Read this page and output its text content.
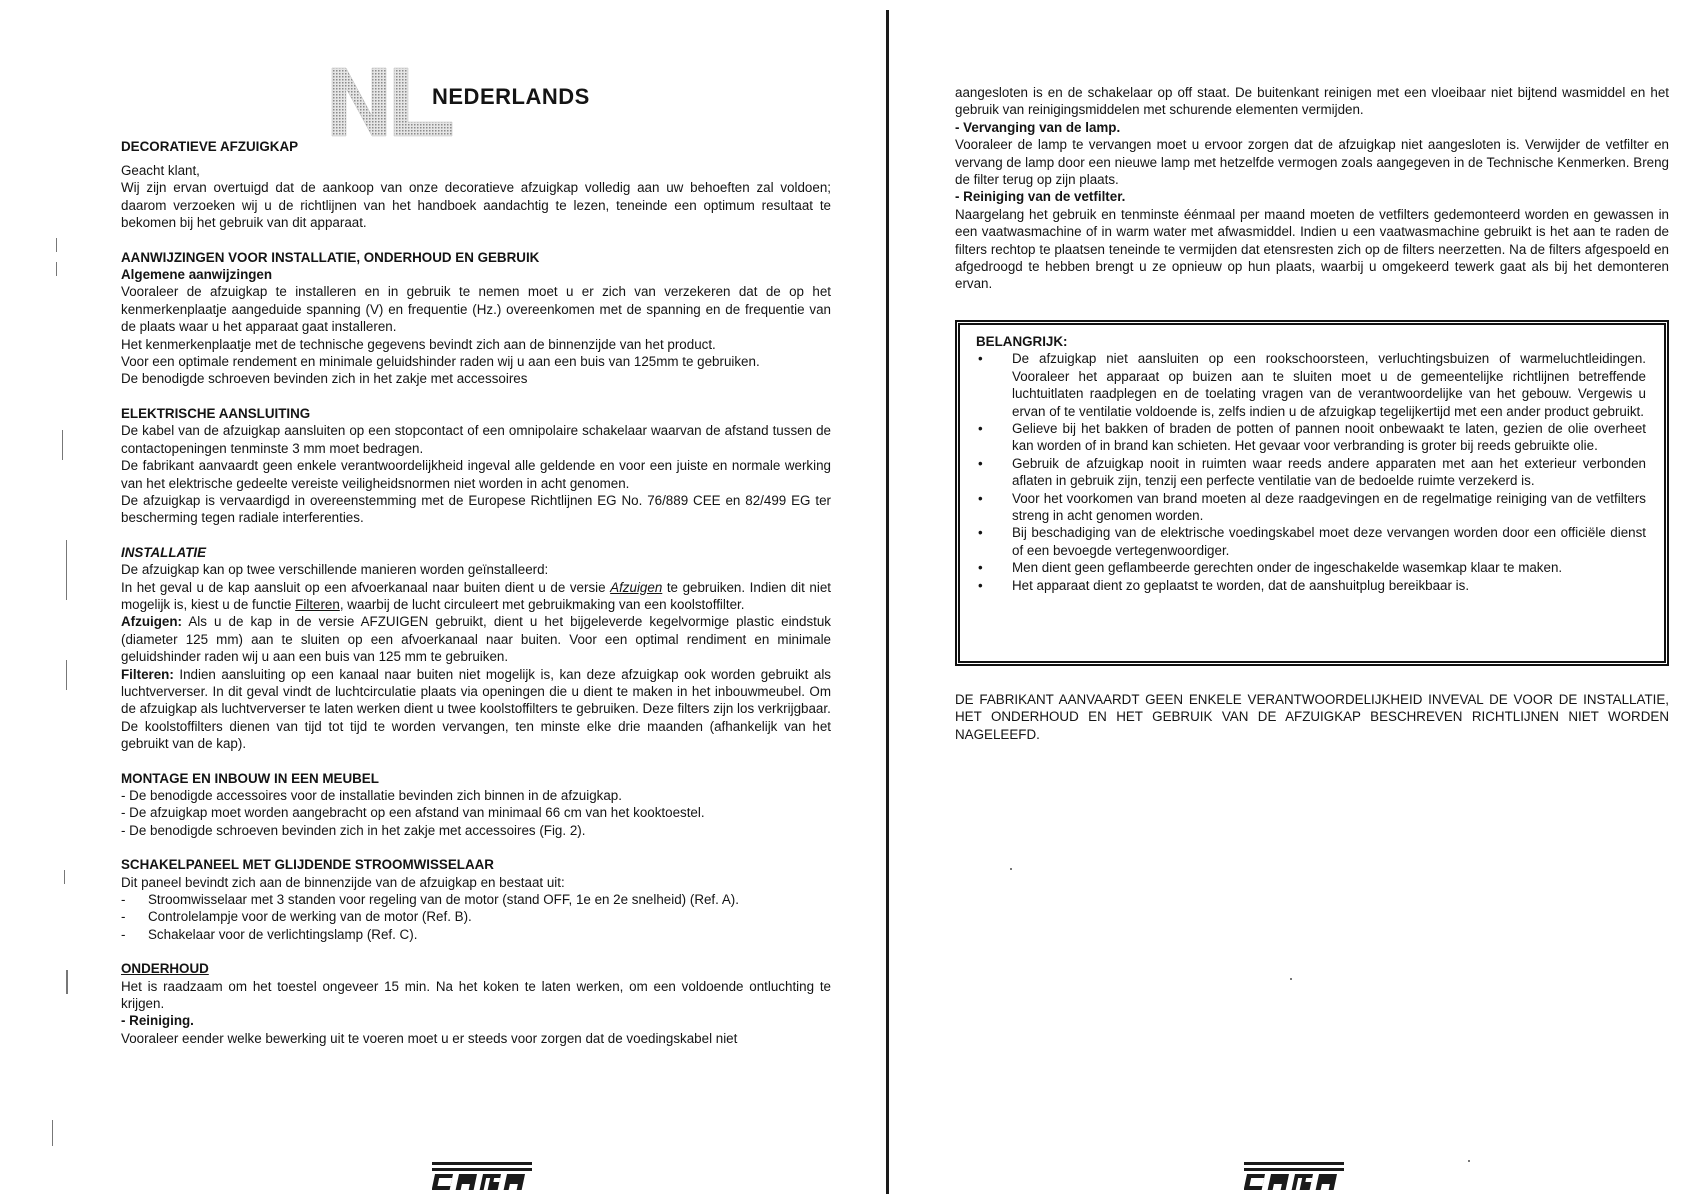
NEDERLANDS
DECORATIEVE AFZUIGKAP

Geacht klant,

Wij zijn ervan overtuigd dat de aankoop van onze decoratieve afzuigkap volledig aan uw behoeften zal voldoen; daarom verzoeken wij u de richtlijnen van het handboek aandachtig te lezen, teneinde een optimum resultaat te bekomen bij het gebruik van dit apparaat.

AANWIJZINGEN VOOR INSTALLATIE, ONDERHOUD EN GEBRUIK

Algemene aanwijzingen

Vooraleer de afzuigkap te installeren en in gebruik te nemen moet u er zich van verzekeren dat de op het kenmerkenplaatje aangeduide spanning (V) en frequentie (Hz.) overeenkomen met de spanning en de frequentie van de plaats waar u het apparaat gaat installeren.

Het kenmerkenplaatje met de technische gegevens bevindt zich aan de binnenzijde van het product.

Voor een optimale rendement en minimale geluidshinder raden wij u aan een buis van 125mm te gebruiken.

De benodigde schroeven bevinden zich in het zakje met accessoires

ELEKTRISCHE AANSLUITING

De kabel van de afzuigkap aansluiten op een stopcontact of een omnipolaire schakelaar waarvan de afstand tussen de contactopeningen tenminste 3 mm moet bedragen.

De fabrikant aanvaardt geen enkele verantwoordelijkheid ingeval alle geldende en voor een juiste en normale werking van het elektrische gedeelte vereiste veiligheidsnormen niet worden in acht genomen.

De afzuigkap is vervaardigd in overeenstemming met de Europese Richtlijnen EG No. 76/889 CEE en 82/499 EG ter bescherming tegen radiale interferenties.

INSTALLATIE

De afzuigkap kan op twee verschillende manieren worden geïnstalleerd:

In het geval u de kap aansluit op een afvoerkanaal naar buiten dient u de versie Afzuigen te gebruiken. Indien dit niet mogelijk is, kiest u de functie Filteren, waarbij de lucht circuleert met gebruikmaking van een koolstoffilter.

Afzuigen: Als u de kap in de versie AFZUIGEN gebruikt, dient u het bijgeleverde kegelvormige plastic eindstuk (diameter 125 mm) aan te sluiten op een afvoerkanaal naar buiten. Voor een optimal rendiment en minimale geluidshinder raden wij u aan een buis van 125 mm te gebruiken.

Filteren: Indien aansluiting op een kanaal naar buiten niet mogelijk is, kan deze afzuigkap ook worden gebruikt als luchtververser. In dit geval vindt de luchtcirculatie plaats via openingen die u dient te maken in het inbouwmeubel. Om de afzuigkap als luchtververser te laten werken dient u twee koolstoffilters te gebruiken. Deze filters zijn los verkrijgbaar.

De koolstoffilters dienen van tijd tot tijd te worden vervangen, ten minste elke drie maanden (afhankelijk van het gebruikt van de kap).

MONTAGE EN INBOUW IN EEN MEUBEL

- De benodigde accessoires voor de installatie bevinden zich binnen in de afzuigkap.

- De afzuigkap moet worden aangebracht op een afstand van minimaal 66 cm van het kooktoestel.

- De benodigde schroeven bevinden zich in het zakje met accessoires (Fig. 2).

SCHAKELPANEEL MET GLIJDENDE STROOMWISSELAAR

Dit paneel bevindt zich aan de binnenzijde van de afzuigkap en bestaat uit:

- Stroomwisselaar met 3 standen voor regeling van de motor (stand OFF, 1e en 2e snelheid) (Ref. A).
- Controlelampje voor de werking van de motor (Ref. B).
- Schakelaar voor de verlichtingslamp (Ref. C).

ONDERHOUD

Het is raadzaam om het toestel ongeveer 15 min. Na het koken te laten werken, om een voldoende ontluchting te krijgen.

- Reiniging.

Vooraleer eender welke bewerking uit te voeren moet u er steeds voor zorgen dat de voedingskabel niet

aangesloten is en de schakelaar op off staat. De buitenkant reinigen met een vloeibaar niet bijtend wasmiddel en het gebruik van reinigingsmiddelen met schurende elementen vermijden.

- Vervanging van de lamp.

Vooraleer de lamp te vervangen moet u ervoor zorgen dat de afzuigkap niet aangesloten is. Verwijder de vetfilter en vervang de lamp door een nieuwe lamp met hetzelfde vermogen zoals aangegeven in de Technische Kenmerken. Breng de filter terug op zijn plaats.

- Reiniging van de vetfilter.

Naargelang het gebruik en tenminste éénmaal per maand moeten de vetfilters gedemonteerd worden en gewassen in een vaatwasmachine of in warm water met afwasmiddel. Indien u een vaatwasmachine gebruikt is het aan te raden de filters rechtop te plaatsen teneinde te vermijden dat etensresten zich op de filters neerzetten. Na de filters afgespoeld en afgedroogd te hebben brengt u ze opnieuw op hun plaats, waarbij u omgekeerd tewerk gaat als bij het demonteren ervan.

BELANGRIJK:

• De afzuigkap niet aansluiten op een rookschoorsteen, verluchtingsbuizen of warmeluchtleidingen. Vooraleer het apparaat op buizen aan te sluiten moet u de gemeentelijke richtlijnen betreffende luchtuitlaten raadplegen en de toelating vragen van de verantwoordelijke van het gebouw. Vergewis u ervan of te ventilatie voldoende is, zelfs indien u de afzuigkap tegelijkertijd met een ander product gebruikt.
• Gelieve bij het bakken of braden de potten of pannen nooit onbewaakt te laten, gezien de olie overheet kan worden of in brand kan schieten. Het gevaar voor verbranding is groter bij reeds gebruikte olie.
• Gebruik de afzuigkap nooit in ruimten waar reeds andere apparaten met aan het exterieur verbonden aflaten in gebruik zijn, tenzij een perfecte ventilatie van de bedoelde ruimte verzekerd is.
• Voor het voorkomen van brand moeten al deze raadgevingen en de regelmatige reiniging van de vetfilters streng in acht genomen worden.
• Bij beschadiging van de elektrische voedingskabel moet deze vervangen worden door een officiële dienst of een bevoegde vertegenwoordiger.
• Men dient geen geflambeerde gerechten onder de ingeschakelde wasemkap klaar te maken.
• Het apparaat dient zo geplaatst te worden, dat de aanshuitplug bereikbaar is.

DE FABRIKANT AANVAARDT GEEN ENKELE VERANTWOORDELIJKHEID INVEVAL DE VOOR DE INSTALLATIE, HET ONDERHOUD EN HET GEBRUIK VAN DE AFZUIGKAP BESCHREVEN RICHTLIJNEN NIET WORDEN NAGELEEFD.
